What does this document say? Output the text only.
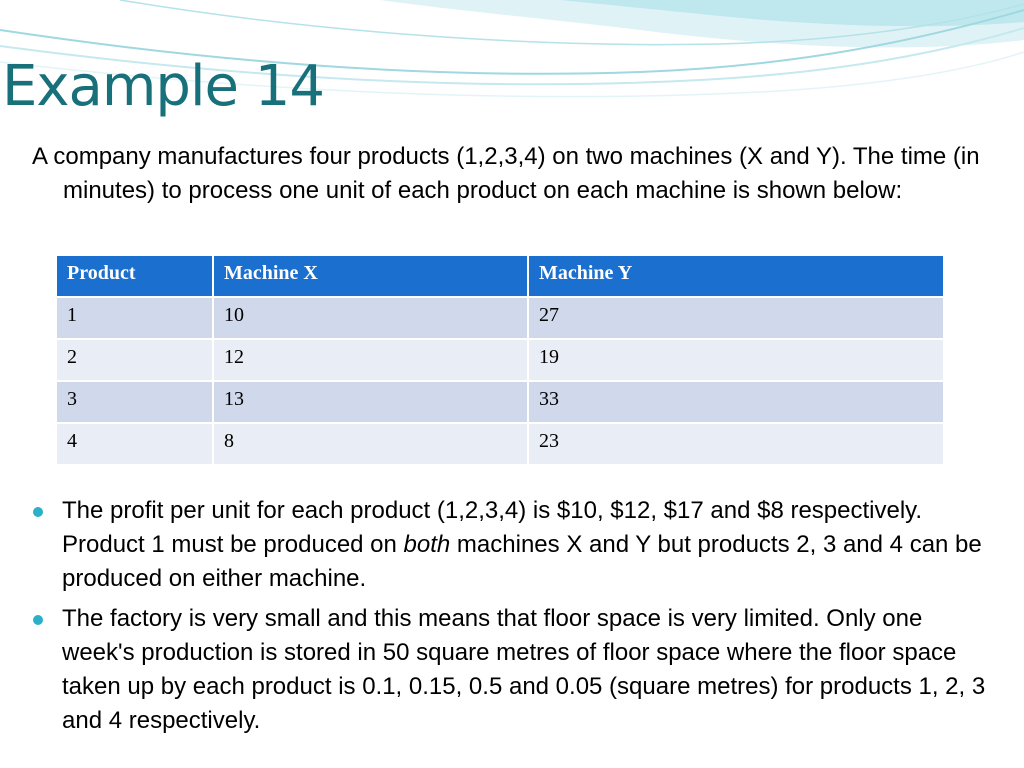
Example 14
A company manufactures four products (1,2,3,4) on two machines (X and Y). The time (in minutes) to process one unit of each product on each machine is shown below:
Product	Machine X	Machine Y
1	10	27
2	12	19
3	13	33
4	8	23
The profit per unit for each product (1,2,3,4) is $10, $12, $17 and $8 respectively. Product 1 must be produced on both machines X and Y but products 2, 3 and 4 can be produced on either machine.
The factory is very small and this means that floor space is very limited. Only one week's production is stored in 50 square metres of floor space where the floor space taken up by each product is 0.1, 0.15, 0.5 and 0.05 (square metres) for products 1, 2, 3 and 4 respectively.
